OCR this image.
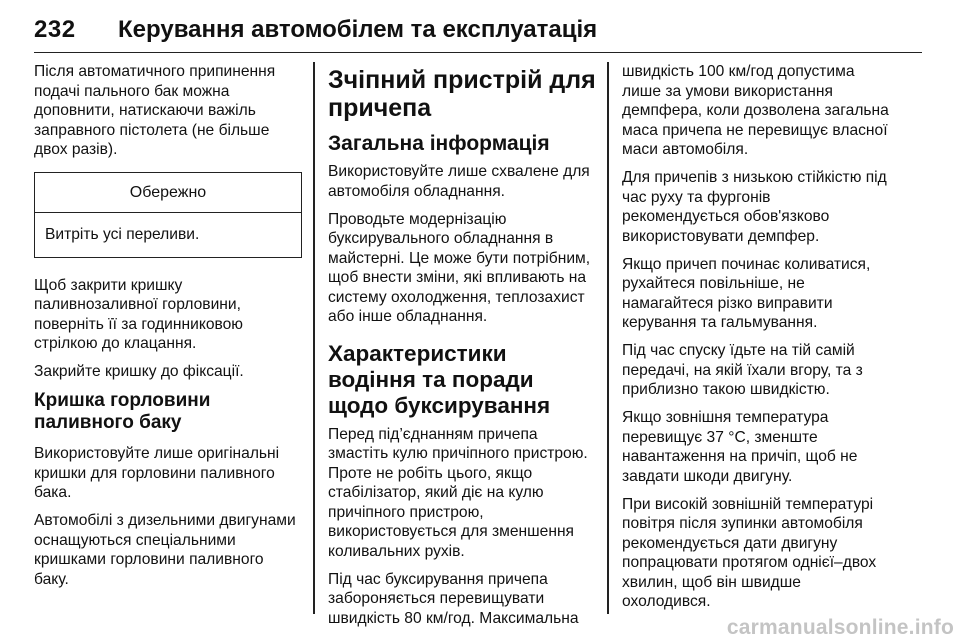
232 Керування автомобілем та експлуатація

Після автоматичного припинення подачі пального бак можна доповнити, натискаючи важіль заправного пістолета (не більше двох разів).

Обережно
Витріть усі переливи.

Щоб закрити кришку паливнозаливної горловини, поверніть її за годинниковою стрілкою до клацання.

Закрийте кришку до фіксації.

Кришка горловини паливного баку

Використовуйте лише оригінальні кришки для горловини паливного бака.

Автомобілі з дизельними двигунами оснащуються спеціальними кришками горловини паливного баку.

Зчіпний пристрій для причепа
Загальна інформація

Використовуйте лише схвалене для автомобіля обладнання.

Проводьте модернізацію буксирувального обладнання в майстерні. Це може бути потрібним, щоб внести зміни, які впливають на систему охолодження, теплозахист або інше обладнання.

Характеристики водіння та поради щодо буксирування

Перед під’єднанням причепа змастіть кулю причіпного пристрою. Проте не робіть цього, якщо стабілізатор, який діє на кулю причіпного пристрою, використовується для зменшення коливальних рухів.

Під час буксирування причепа забороняється перевищувати швидкість 80 км/год. Максимальна

швидкість 100 км/год допустима лише за умови використання демпфера, коли дозволена загальна маса причепа не перевищує власної маси автомобіля.

Для причепів з низькою стійкістю під час руху та фургонів рекомендується обов'язково використовувати демпфер.

Якщо причеп починає коливатися, рухайтеся повільніше, не намагайтеся різко виправити керування та гальмування.

Під час спуску їдьте на тій самій передачі, на якій їхали вгору, та з приблизно такою швидкістю.

Якщо зовнішня температура перевищує 37 °C, зменште навантаження на причіп, щоб не завдати шкоди двигуну.

При високій зовнішній температурі повітря після зупинки автомобіля рекомендується дати двигуну попрацювати протягом однієї–двох хвилин, щоб він швидше охолодився.

carmanualsonline.info
